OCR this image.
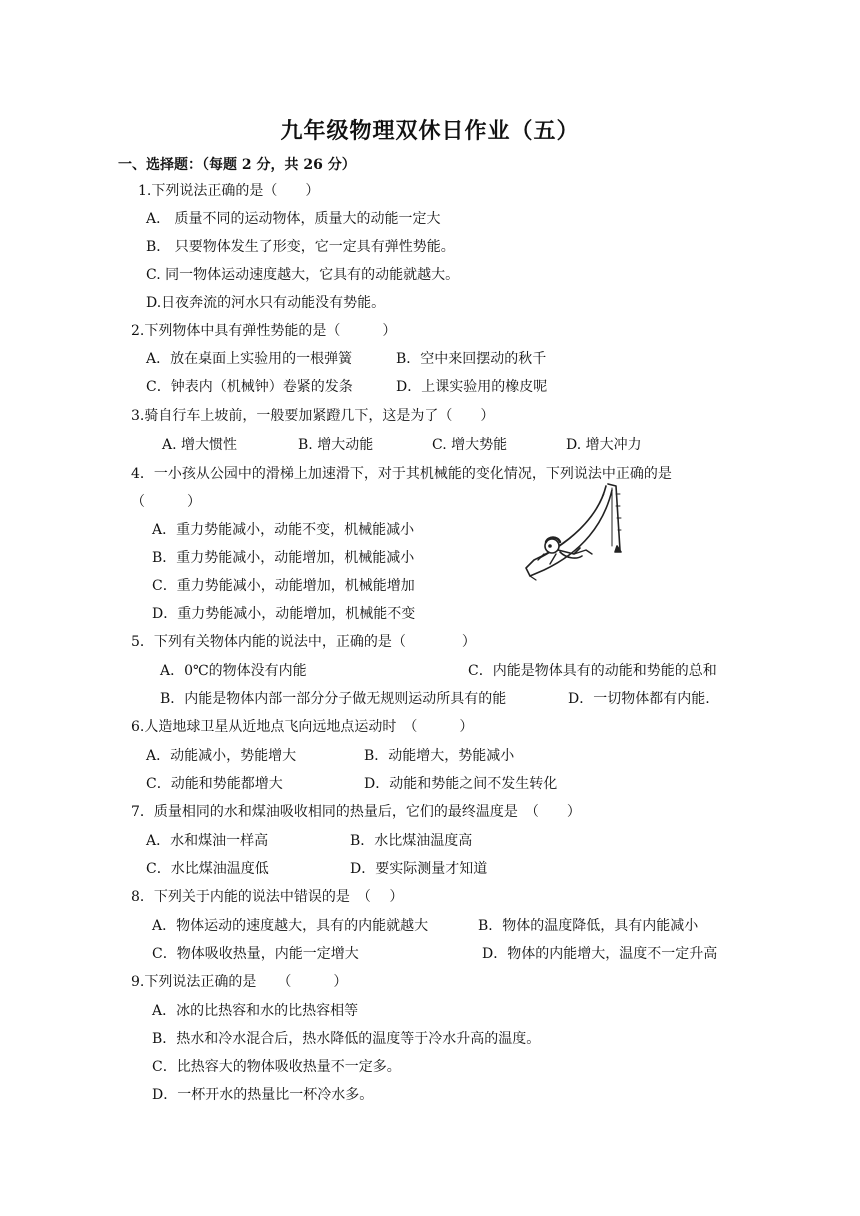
九年级物理双休日作业（五）
一、选择题：（每题 2 分，共 26 分）
1.下列说法正确的是（　　）
A． 质量不同的运动物体，质量大的动能一定大
B． 只要物体发生了形变，它一定具有弹性势能。
C. 同一物体运动速度越大，它具有的动能就越大。
D.日夜奔流的河水只有动能没有势能。
2.下列物体中具有弹性势能的是（　　　）
A．放在桌面上实验用的一根弹簧	B．空中来回摆动的秋千
C．钟表内（机械钟）卷紧的发条	D．上课实验用的橡皮呢
3.骑自行车上坡前，一般要加紧蹬几下，这是为了（　　）
A. 增大惯性	B. 增大动能	C. 增大势能	D. 增大冲力
4．一小孩从公园中的滑梯上加速滑下，对于其机械能的变化情况，下列说法中正确的是
（　　　）
A．重力势能减小，动能不变，机械能减小
B．重力势能减小，动能增加，机械能减小
C．重力势能减小，动能增加，机械能增加
D．重力势能减小，动能增加，机械能不变
5．下列有关物体内能的说法中，正确的是（　　　　）
A．0℃的物体没有内能	C．内能是物体具有的动能和势能的总和
B．内能是物体内部一部分分子做无规则运动所具有的能	D．一切物体都有内能.
6.人造地球卫星从近地点飞向远地点运动时　（　　　）
A．动能减小，势能增大	B．动能增大，势能减小
C．动能和势能都增大	D．动能和势能之间不发生转化
7．质量相同的水和煤油吸收相同的热量后，它们的最终温度是　（　　）
A．水和煤油一样高	B．水比煤油温度高
C．水比煤油温度低	D．要实际测量才知道
8．下列关于内能的说法中错误的是　（　 ）
A．物体运动的速度越大，具有的内能就越大	B．物体的温度降低，具有内能减小
C．物体吸收热量，内能一定增大	D．物体的内能增大，温度不一定升高
9.下列说法正确的是　　（　　　）
A．冰的比热容和水的比热容相等
B．热水和冷水混合后，热水降低的温度等于冷水升高的温度。
C．比热容大的物体吸收热量不一定多。
D．一杯开水的热量比一杯冷水多。
